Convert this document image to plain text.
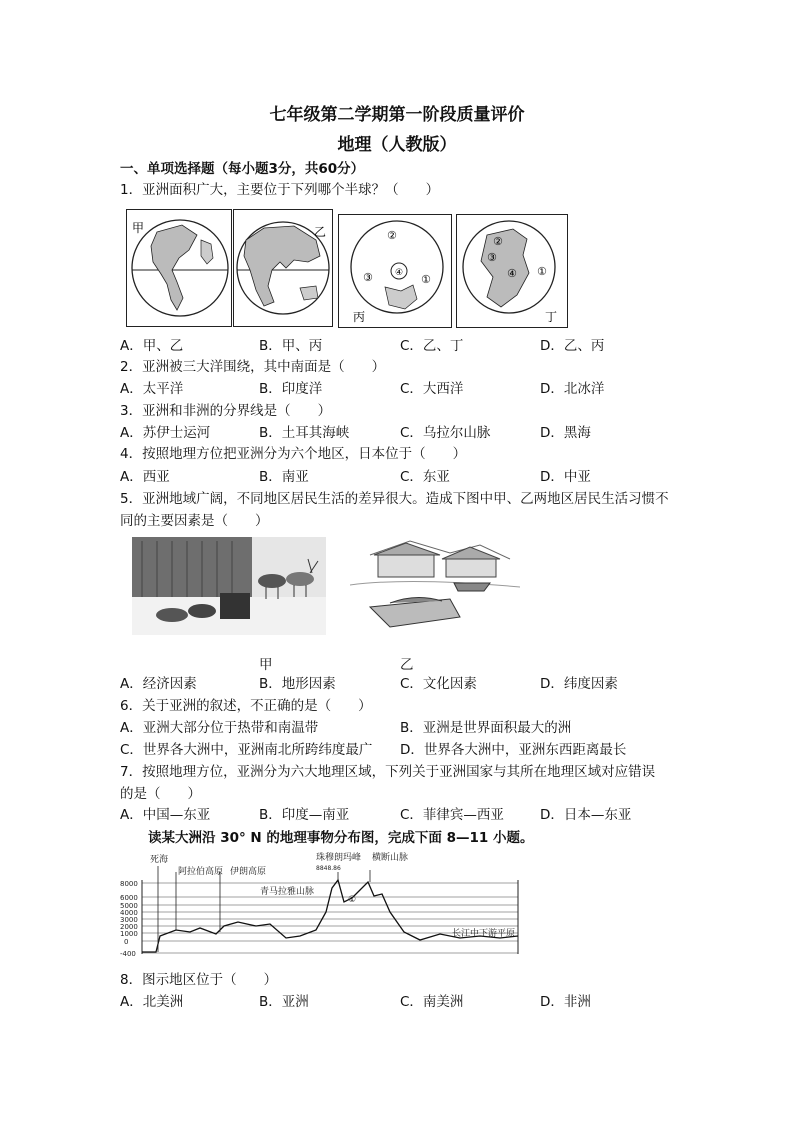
七年级第二学期第一阶段质量评价
地理（人教版）
一、单项选择题（每小题3分，共60分）
1．亚洲面积广大，主要位于下列哪个半球？（　　）
甲	乙	②
③ ④ ①
丙
③
②
④ ①
丁
A．甲、乙	B．甲、丙	C．乙、丁	D．乙、丙
2．亚洲被三大洋围绕，其中南面是（　　）
A．太平洋	B．印度洋	C．大西洋	D．北冰洋
3．亚洲和非洲的分界线是（　　）
A．苏伊士运河	B．土耳其海峡	C．乌拉尔山脉	D．黑海
4．按照地理方位把亚洲分为六个地区，日本位于（　　）
A．西亚	B．南亚	C．东亚	D．中亚
5．亚洲地域广阔，不同地区居民生活的差异很大。造成下图中甲、乙两地区居民生活习惯不
同的主要因素是（　　）
甲	乙
A．经济因素	B．地形因素	C．文化因素	D．纬度因素
6．关于亚洲的叙述，不正确的是（　　）
A．亚洲大部分位于热带和南温带	B．亚洲是世界面积最大的洲
C．世界各大洲中，亚洲南北所跨纬度最广 D．世界各大洲中，亚洲东西距离最长
7．按照地理方位，亚洲分为六大地理区域，下列关于亚洲国家与其所在地理区域对应错误
的是（　　）
A．中国—东亚	B．印度—南亚	C．菲律宾—西亚	D．日本—东亚
读某大洲沿 30° N 的地理事物分布图，完成下面 8—11 小题。
8000
6000
5000
4000
3000
2000
1000
0
-400
死海
阿拉伯高原 伊朗高原
珠穆朗玛峰 横断山脉
青马拉雅山脉
长江中下游平原
8848.86
①
8．图示地区位于（　　）
A．北美洲	B．亚洲	C．南美洲	D．非洲
